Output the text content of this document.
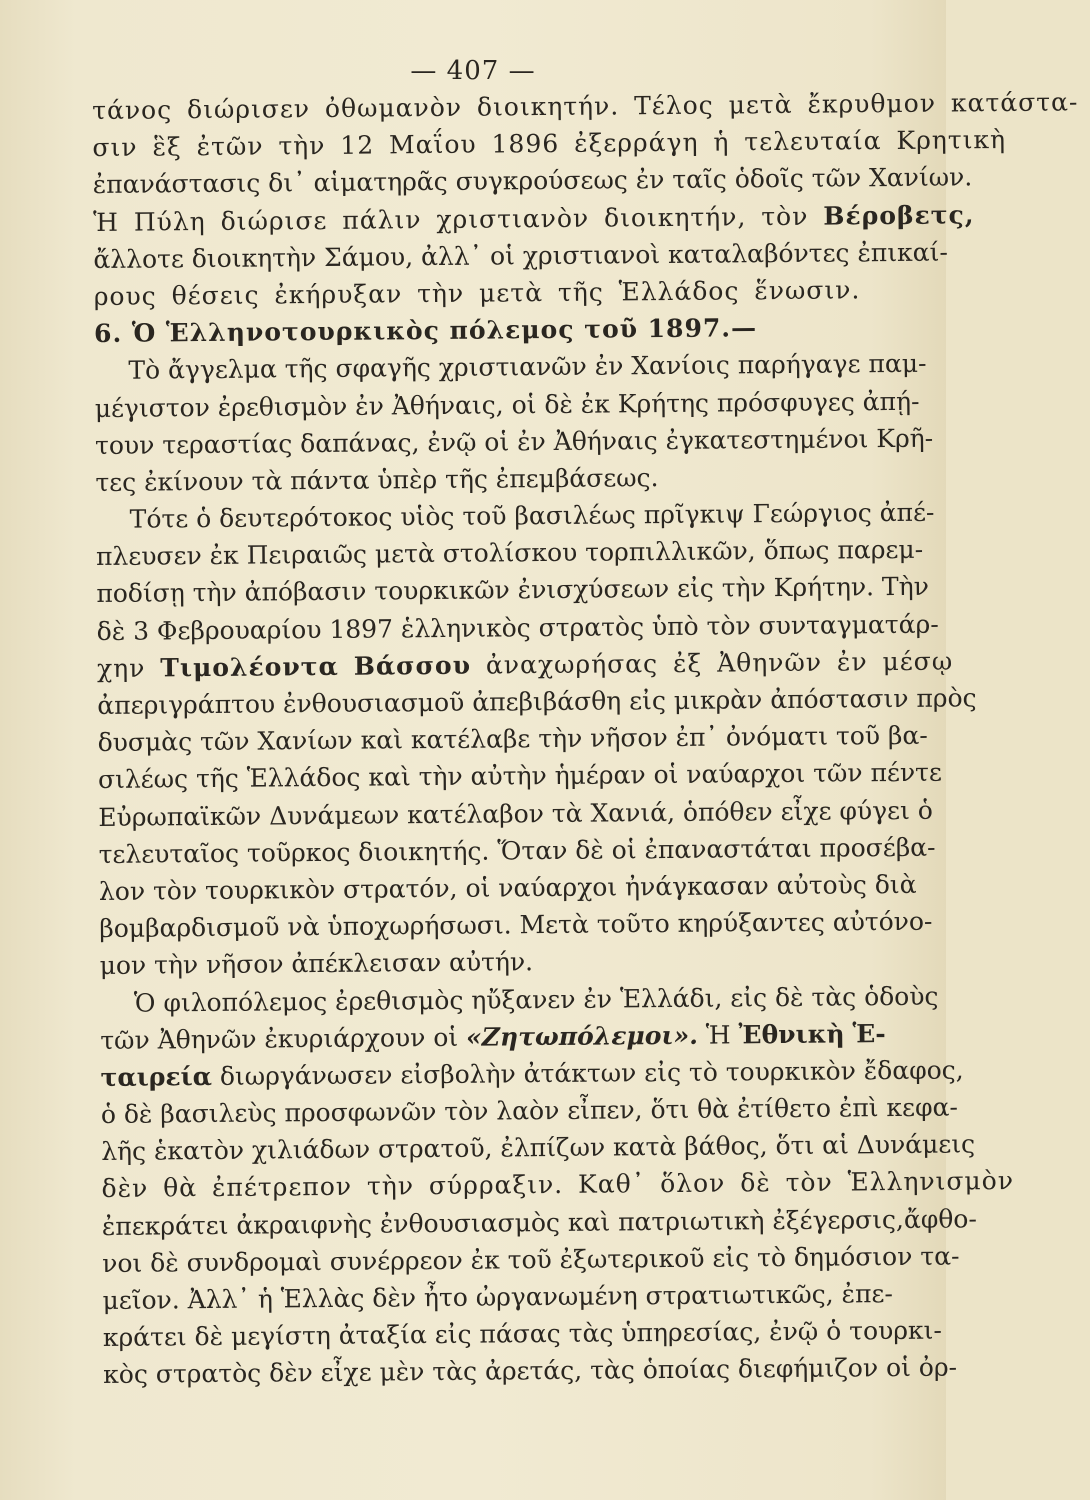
— 407 —
τάνος διώρισεν ὀθωμανὸν διοικητήν. Τέλος μετὰ ἔκρυθμον κατάστα-
σιν ἓξ ἐτῶν τὴν 12 Μαΐου 1896 ἐξερράγη ἡ τελευταία Κρητικὴ
ἐπανάστασις δι᾽ αἱματηρᾶς συγκρούσεως ἐν ταῖς ὁδοῖς τῶν Χανίων.
Ἡ Πύλη διώρισε πάλιν χριστιανὸν διοικητήν, τὸν Βέροβετς,
ἄλλοτε διοικητὴν Σάμου, ἀλλ᾽ οἱ χριστιανοὶ καταλαβόντες ἐπικαί-
ρους θέσεις ἐκήρυξαν τὴν μετὰ τῆς Ἑλλάδος ἕνωσιν.
6. Ὁ Ἑλληνοτουρκικὸς πόλεμος τοῦ 1897.—
Τὸ ἄγγελμα τῆς σφαγῆς χριστιανῶν ἐν Χανίοις παρήγαγε παμ-
μέγιστον ἐρεθισμὸν ἐν Ἀθήναις, οἱ δὲ ἐκ Κρήτης πρόσφυγες ἀπῄ-
τουν τεραστίας δαπάνας, ἐνῷ οἱ ἐν Ἀθήναις ἐγκατεστημένοι Κρῆ-
τες ἐκίνουν τὰ πάντα ὑπὲρ τῆς ἐπεμβάσεως.
Τότε ὁ δευτερότοκος υἱὸς τοῦ βασιλέως πρῖγκιψ Γεώργιος ἀπέ-
πλευσεν ἐκ Πειραιῶς μετὰ στολίσκου τορπιλλικῶν, ὅπως παρεμ-
ποδίσῃ τὴν ἀπόβασιν τουρκικῶν ἐνισχύσεων εἰς τὴν Κρήτην. Τὴν
δὲ 3 Φεβρουαρίου 1897 ἑλληνικὸς στρατὸς ὑπὸ τὸν συνταγματάρ-
χην Τιμολέοντα Βάσσου ἀναχωρήσας ἐξ Ἀθηνῶν ἐν μέσῳ
ἀπεριγράπτου ἐνθουσιασμοῦ ἀπεβιβάσθη εἰς μικρὰν ἀπόστασιν πρὸς
δυσμὰς τῶν Χανίων καὶ κατέλαβε τὴν νῆσον ἐπ᾽ ὀνόματι τοῦ βα-
σιλέως τῆς Ἑλλάδος καὶ τὴν αὐτὴν ἡμέραν οἱ ναύαρχοι τῶν πέντε
Εὐρωπαϊκῶν Δυνάμεων κατέλαβον τὰ Χανιά, ὁπόθεν εἶχε φύγει ὁ
τελευταῖος τοῦρκος διοικητής. Ὅταν δὲ οἱ ἐπαναστάται προσέβα-
λον τὸν τουρκικὸν στρατόν, οἱ ναύαρχοι ἠνάγκασαν αὐτοὺς διὰ
βομβαρδισμοῦ νὰ ὑποχωρήσωσι. Μετὰ τοῦτο κηρύξαντες αὐτόνο-
μον τὴν νῆσον ἀπέκλεισαν αὐτήν.
Ὁ φιλοπόλεμος ἐρεθισμὸς ηὔξανεν ἐν Ἑλλάδι, εἰς δὲ τὰς ὁδοὺς
τῶν Ἀθηνῶν ἐκυριάρχουν οἱ «Ζητωπόλεμοι». Ἡ Ἐθνικὴ Ἑ-
ταιρεία διωργάνωσεν εἰσβολὴν ἀτάκτων εἰς τὸ τουρκικὸν ἔδαφος,
ὁ δὲ βασιλεὺς προσφωνῶν τὸν λαὸν εἶπεν, ὅτι θὰ ἐτίθετο ἐπὶ κεφα-
λῆς ἑκατὸν χιλιάδων στρατοῦ, ἐλπίζων κατὰ βάθος, ὅτι αἱ Δυνάμεις
δὲν θὰ ἐπέτρεπον τὴν σύρραξιν. Καθ᾽ ὅλον δὲ τὸν Ἑλληνισμὸν
ἐπεκράτει ἀκραιφνὴς ἐνθουσιασμὸς καὶ πατριωτικὴ ἐξέγερσις,ἄφθο-
νοι δὲ συνδρομαὶ συνέρρεον ἐκ τοῦ ἐξωτερικοῦ εἰς τὸ δημόσιον τα-
μεῖον. Ἀλλ᾽ ἡ Ἑλλὰς δὲν ἦτο ὠργανωμένη στρατιωτικῶς, ἐπε-
κράτει δὲ μεγίστη ἀταξία εἰς πάσας τὰς ὑπηρεσίας, ἐνῷ ὁ τουρκι-
κὸς στρατὸς δὲν εἶχε μὲν τὰς ἀρετάς, τὰς ὁποίας διεφήμιζον οἱ ὀρ-
